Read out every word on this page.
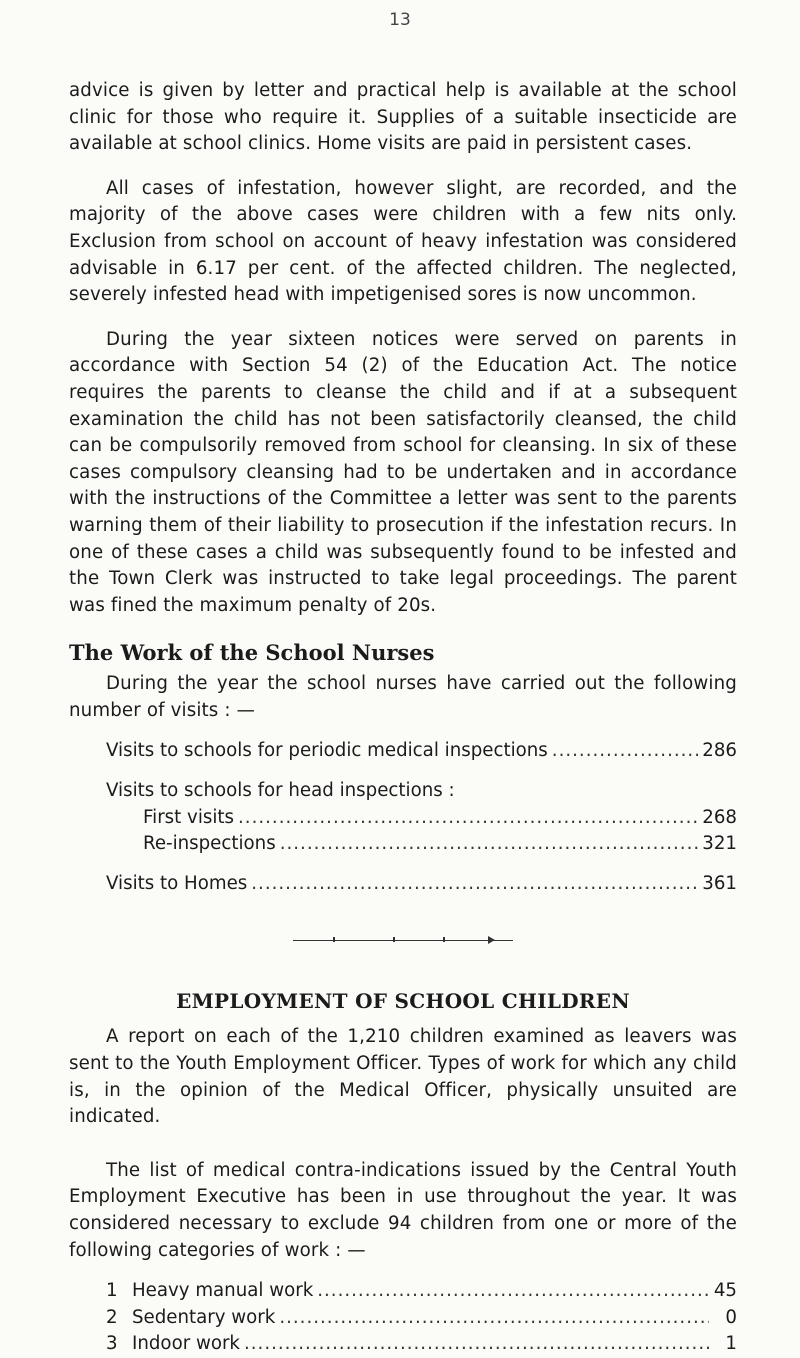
13

advice is given by letter and practical help is available at the school clinic for those who require it. Supplies of a suitable insecticide are available at school clinics. Home visits are paid in persistent cases.

All cases of infestation, however slight, are recorded, and the majority of the above cases were children with a few nits only. Exclusion from school on account of heavy infestation was considered advisable in 6.17 per cent. of the affected children. The neglected, severely infested head with impetigenised sores is now uncommon.

During the year sixteen notices were served on parents in accordance with Section 54 (2) of the Education Act. The notice requires the parents to cleanse the child and if at a subsequent examination the child has not been satisfactorily cleansed, the child can be compulsorily removed from school for cleansing. In six of these cases compulsory cleansing had to be undertaken and in accordance with the instructions of the Committee a letter was sent to the parents warning them of their liability to prosecution if the infestation recurs. In one of these cases a child was subsequently found to be infested and the Town Clerk was instructed to take legal proceedings. The parent was fined the maximum penalty of 20s.

The Work of the School Nurses

During the year the school nurses have carried out the following number of visits : —

Visits to schools for periodic medical inspections .....	286
Visits to schools for head inspections :
First visits .....	268
Re-inspections .....	321
Visits to Homes .....	361
EMPLOYMENT OF SCHOOL CHILDREN

A report on each of the 1,210 children examined as leavers was sent to the Youth Employment Officer. Types of work for which any child is, in the opinion of the Medical Officer, physically unsuited are indicated.

The list of medical contra-indications issued by the Central Youth Employment Executive has been in use throughout the year. It was considered necessary to exclude 94 children from one or more of the following categories of work : —

1 Heavy manual work .....	45
2 Sedentary work .....	0
3 Indoor work .....	1
